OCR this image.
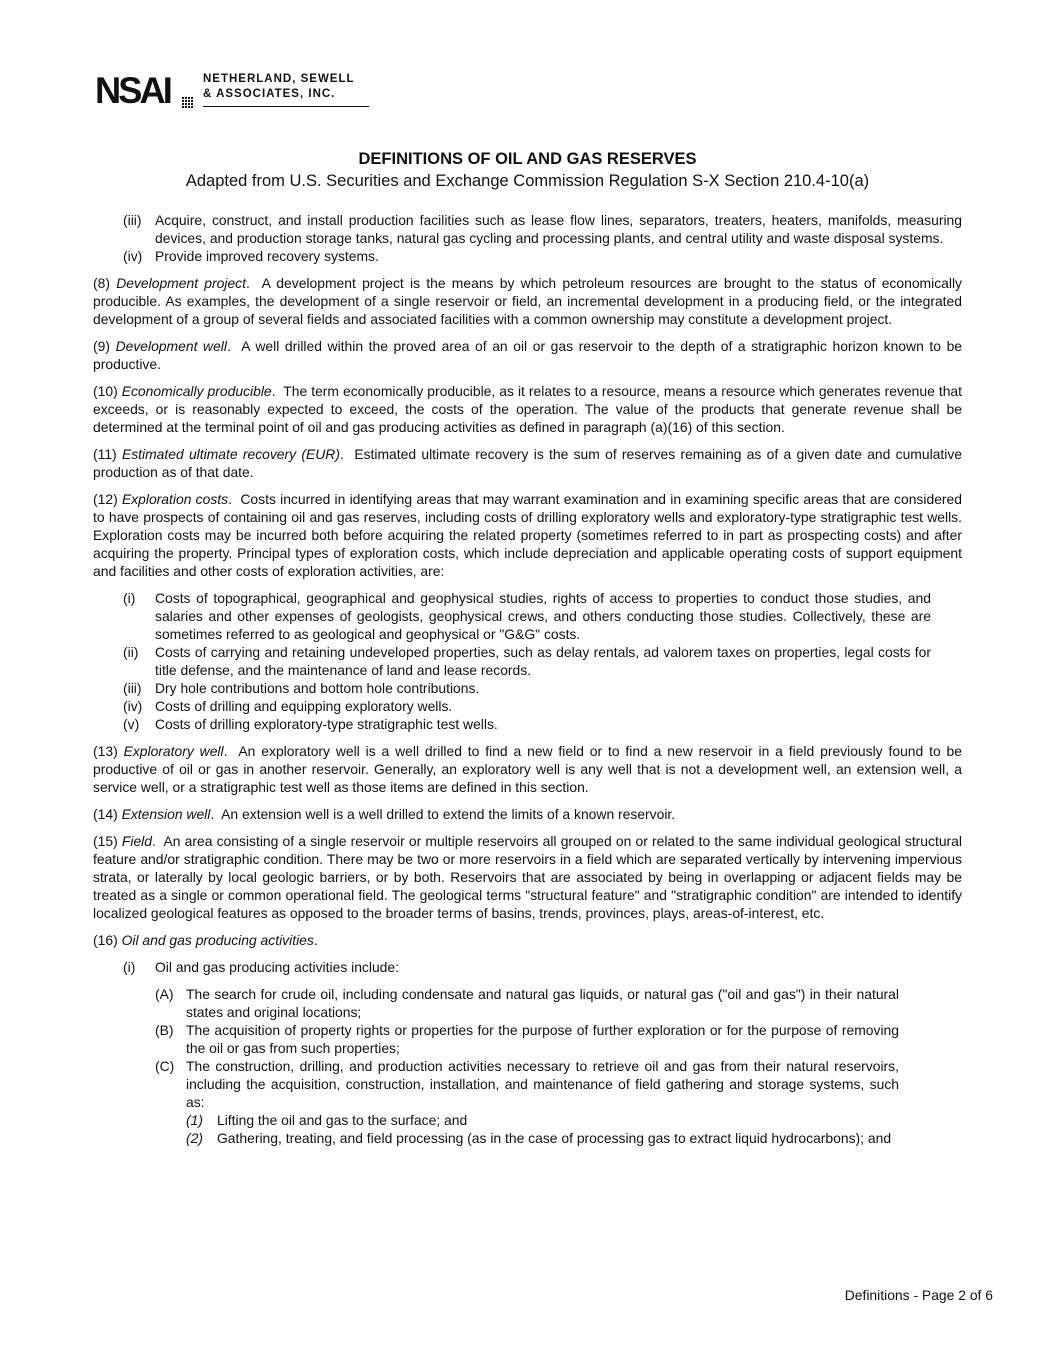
NSAI	NETHERLAND, SEWELL
& ASSOCIATES, INC.
DEFINITIONS OF OIL AND GAS RESERVES
Adapted from U.S. Securities and Exchange Commission Regulation S-X Section 210.4-10(a)
(iii) Acquire, construct, and install production facilities such as lease flow lines, separators, treaters, heaters, manifolds, measuring devices, and production storage tanks, natural gas cycling and processing plants, and central utility and waste disposal systems.
(iv) Provide improved recovery systems.

(8) Development project.  A development project is the means by which petroleum resources are brought to the status of economically producible. As examples, the development of a single reservoir or field, an incremental development in a producing field, or the integrated development of a group of several fields and associated facilities with a common ownership may constitute a development project.

(9) Development well.  A well drilled within the proved area of an oil or gas reservoir to the depth of a stratigraphic horizon known to be productive.

(10) Economically producible.  The term economically producible, as it relates to a resource, means a resource which generates revenue that exceeds, or is reasonably expected to exceed, the costs of the operation. The value of the products that generate revenue shall be determined at the terminal point of oil and gas producing activities as defined in paragraph (a)(16) of this section.

(11) Estimated ultimate recovery (EUR).  Estimated ultimate recovery is the sum of reserves remaining as of a given date and cumulative production as of that date.

(12) Exploration costs.  Costs incurred in identifying areas that may warrant examination and in examining specific areas that are considered to have prospects of containing oil and gas reserves, including costs of drilling exploratory wells and exploratory-type stratigraphic test wells. Exploration costs may be incurred both before acquiring the related property (sometimes referred to in part as prospecting costs) and after acquiring the property. Principal types of exploration costs, which include depreciation and applicable operating costs of support equipment and facilities and other costs of exploration activities, are:

(i) Costs of topographical, geographical and geophysical studies, rights of access to properties to conduct those studies, and salaries and other expenses of geologists, geophysical crews, and others conducting those studies. Collectively, these are sometimes referred to as geological and geophysical or "G&G" costs.
(ii) Costs of carrying and retaining undeveloped properties, such as delay rentals, ad valorem taxes on properties, legal costs for title defense, and the maintenance of land and lease records.
(iii) Dry hole contributions and bottom hole contributions.
(iv) Costs of drilling and equipping exploratory wells.
(v) Costs of drilling exploratory-type stratigraphic test wells.

(13) Exploratory well.  An exploratory well is a well drilled to find a new field or to find a new reservoir in a field previously found to be productive of oil or gas in another reservoir. Generally, an exploratory well is any well that is not a development well, an extension well, a service well, or a stratigraphic test well as those items are defined in this section.

(14) Extension well.  An extension well is a well drilled to extend the limits of a known reservoir.

(15) Field.  An area consisting of a single reservoir or multiple reservoirs all grouped on or related to the same individual geological structural feature and/or stratigraphic condition. There may be two or more reservoirs in a field which are separated vertically by intervening impervious strata, or laterally by local geologic barriers, or by both. Reservoirs that are associated by being in overlapping or adjacent fields may be treated as a single or common operational field. The geological terms "structural feature" and "stratigraphic condition" are intended to identify localized geological features as opposed to the broader terms of basins, trends, provinces, plays, areas-of-interest, etc.

(16) Oil and gas producing activities.

(i) Oil and gas producing activities include:
(A) The search for crude oil, including condensate and natural gas liquids, or natural gas ("oil and gas") in their natural states and original locations;
(B) The acquisition of property rights or properties for the purpose of further exploration or for the purpose of removing the oil or gas from such properties;
(C) The construction, drilling, and production activities necessary to retrieve oil and gas from their natural reservoirs, including the acquisition, construction, installation, and maintenance of field gathering and storage systems, such as:
(1) Lifting the oil and gas to the surface; and
(2) Gathering, treating, and field processing (as in the case of processing gas to extract liquid hydrocarbons); and
Definitions - Page 2 of 6
